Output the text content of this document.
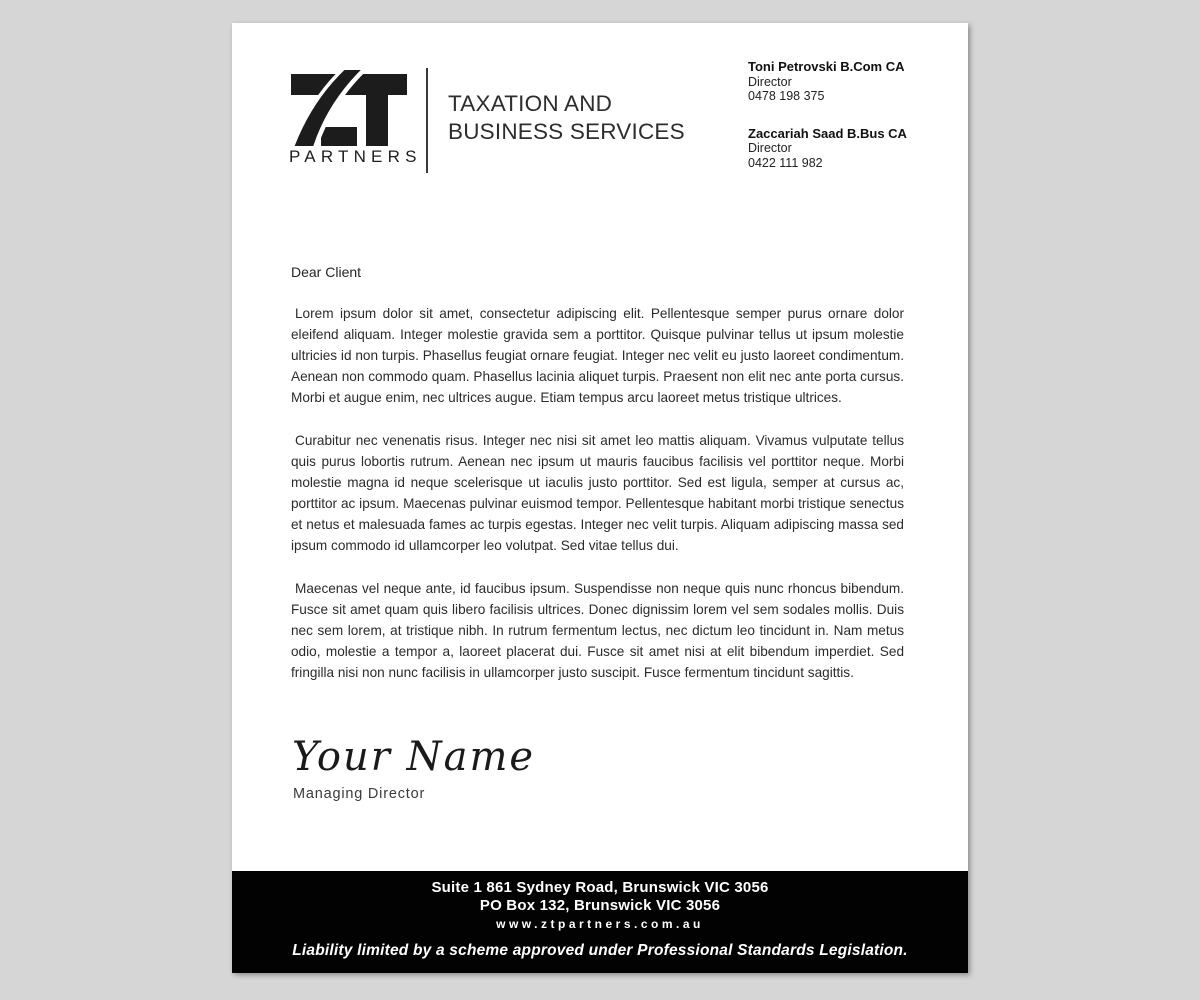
PARTNERS
TAXATION AND
BUSINESS SERVICES
Toni Petrovski B.Com CA
Director
0478 198 375
Zaccariah Saad B.Bus CA
Director
0422 111 982
Dear Client

Lorem ipsum dolor sit amet, consectetur adipiscing elit. Pellentesque semper purus ornare dolor eleifend aliquam. Integer molestie gravida sem a porttitor. Quisque pulvinar tellus ut ipsum molestie ultricies id non turpis. Phasellus feugiat ornare feugiat. Integer nec velit eu justo laoreet condimentum. Aenean non commodo quam. Phasellus lacinia aliquet turpis. Praesent non elit nec ante porta cursus. Morbi et augue enim, nec ultrices augue. Etiam tempus arcu laoreet metus tristique ultrices.

Curabitur nec venenatis risus. Integer nec nisi sit amet leo mattis aliquam. Vivamus vulputate tellus quis purus lobortis rutrum. Aenean nec ipsum ut mauris faucibus facilisis vel porttitor neque. Morbi molestie magna id neque scelerisque ut iaculis justo porttitor. Sed est ligula, semper at cursus ac, porttitor ac ipsum. Maecenas pulvinar euismod tempor. Pellentesque habitant morbi tristique senectus et netus et malesuada fames ac turpis egestas. Integer nec velit turpis. Aliquam adipiscing massa sed ipsum commodo id ullamcorper leo volutpat. Sed vitae tellus dui.

Maecenas vel neque ante, id faucibus ipsum. Suspendisse non neque quis nunc rhoncus bibendum. Fusce sit amet quam quis libero facilisis ultrices. Donec dignissim lorem vel sem sodales mollis. Duis nec sem lorem, at tristique nibh. In rutrum fermentum lectus, nec dictum leo tincidunt in. Nam metus odio, molestie a tempor a, laoreet placerat dui. Fusce sit amet nisi at elit bibendum imperdiet. Sed fringilla nisi non nunc facilisis in ullamcorper justo suscipit. Fusce fermentum tincidunt sagittis.

Your Name
Managing Director
Suite 1 861 Sydney Road, Brunswick VIC 3056
PO Box 132, Brunswick VIC 3056
www.ztpartners.com.au
Liability limited by a scheme approved under Professional Standards Legislation.
